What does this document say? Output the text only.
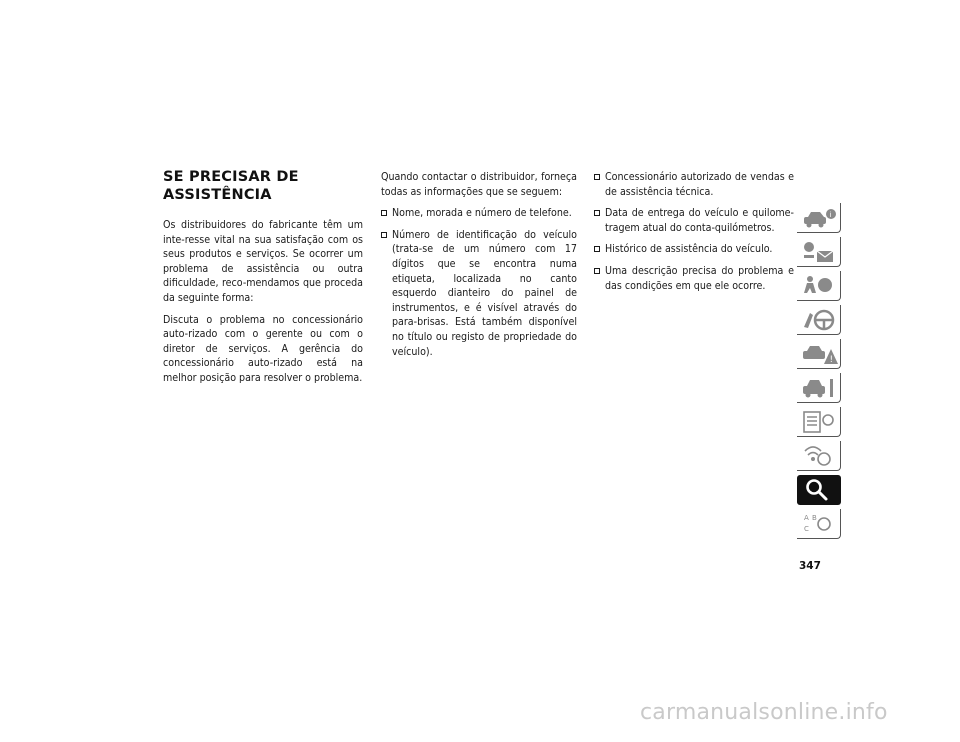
SE PRECISAR DE
ASSISTÊNCIA

Os distribuidores do fabricante têm um inte-resse vital na sua satisfação com os seus produtos e serviços. Se ocorrer um problema de assistência ou outra dificuldade, reco-mendamos que proceda da seguinte forma:

Discuta o problema no concessionário auto-rizado com o gerente ou com o diretor de serviços. A gerência do concessionário auto-rizado está na melhor posição para resolver o problema.

Quando contactar o distribuidor, forneça todas as informações que se seguem:

Nome, morada e número de telefone.
Número de identificação do veículo (trata-se de um número com 17 dígitos que se encontra numa etiqueta, localizada no canto esquerdo dianteiro do painel de instrumentos, e é visível através do para-brisas. Está também disponível no título ou registo de propriedade do veículo).
Concessionário autorizado de vendas e de assistência técnica.
Data de entrega do veículo e quilome-tragem atual do conta-quilómetros.
Histórico de assistência do veículo.
Uma descrição precisa do problema e das condições em que ele ocorre.
i
!
A B
C
347
carmanualsonline.info
